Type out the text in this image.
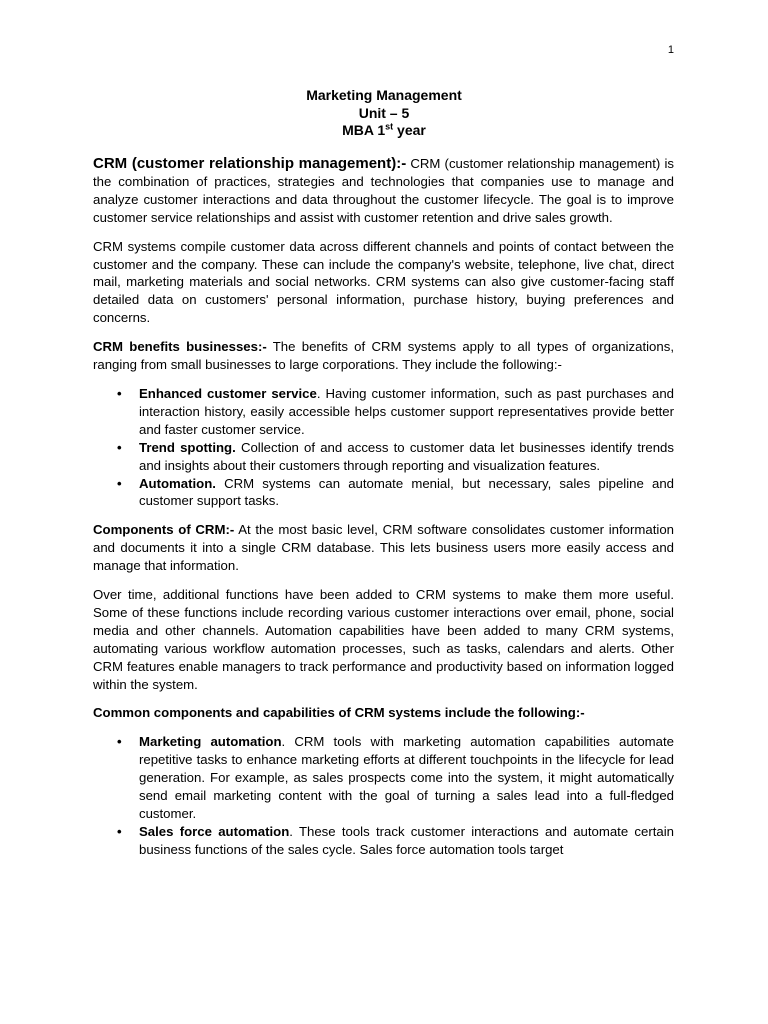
1
Marketing Management
Unit – 5
MBA 1st year

CRM (customer relationship management):- CRM (customer relationship management) is the combination of practices, strategies and technologies that companies use to manage and analyze customer interactions and data throughout the customer lifecycle. The goal is to improve customer service relationships and assist with customer retention and drive sales growth.

CRM systems compile customer data across different channels and points of contact between the customer and the company. These can include the company's website, telephone, live chat, direct mail, marketing materials and social networks. CRM systems can also give customer-facing staff detailed data on customers' personal information, purchase history, buying preferences and concerns.

CRM benefits businesses:- The benefits of CRM systems apply to all types of organizations, ranging from small businesses to large corporations. They include the following:-

• Enhanced customer service. Having customer information, such as past purchases and interaction history, easily accessible helps customer support representatives provide better and faster customer service.
• Trend spotting. Collection of and access to customer data let businesses identify trends and insights about their customers through reporting and visualization features.
• Automation. CRM systems can automate menial, but necessary, sales pipeline and customer support tasks.

Components of CRM:- At the most basic level, CRM software consolidates customer information and documents it into a single CRM database. This lets business users more easily access and manage that information.

Over time, additional functions have been added to CRM systems to make them more useful. Some of these functions include recording various customer interactions over email, phone, social media and other channels. Automation capabilities have been added to many CRM systems, automating various workflow automation processes, such as tasks, calendars and alerts. Other CRM features enable managers to track performance and productivity based on information logged within the system.

Common components and capabilities of CRM systems include the following:-

• Marketing automation. CRM tools with marketing automation capabilities automate repetitive tasks to enhance marketing efforts at different touchpoints in the lifecycle for lead generation. For example, as sales prospects come into the system, it might automatically send email marketing content with the goal of turning a sales lead into a full-fledged customer.
• Sales force automation. These tools track customer interactions and automate certain business functions of the sales cycle. Sales force automation tools target
